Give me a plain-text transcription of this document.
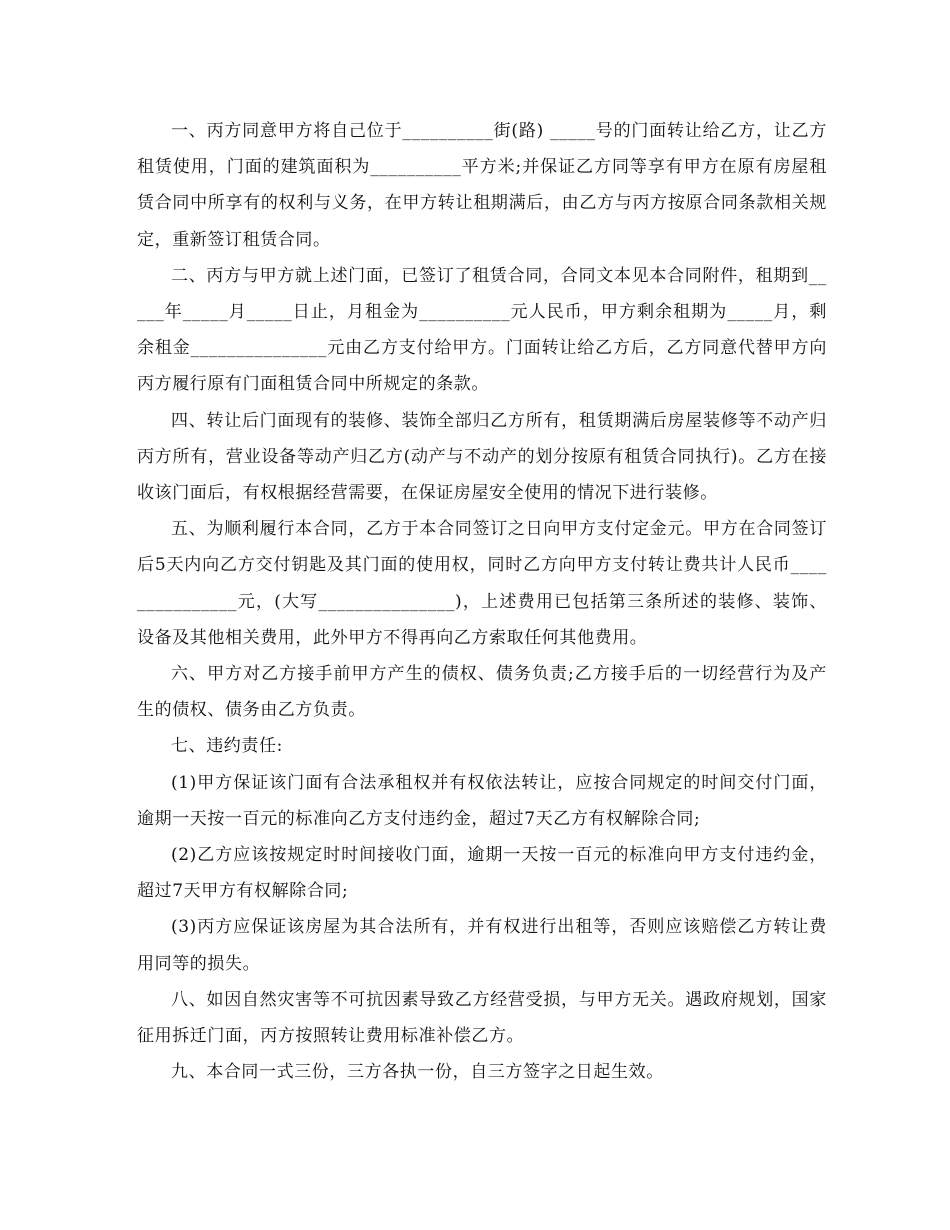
一、丙方同意甲方将自己位于__________街(路) _____号的门面转让给乙方，让乙方租赁使用，门面的建筑面积为__________平方米;并保证乙方同等享有甲方在原有房屋租赁合同中所享有的权利与义务，在甲方转让租期满后，由乙方与丙方按原合同条款相关规定，重新签订租赁合同。

二、丙方与甲方就上述门面，已签订了租赁合同，合同文本见本合同附件，租期到_____年_____月_____日止，月租金为__________元人民币，甲方剩余租期为_____月，剩余租金_______________元由乙方支付给甲方。门面转让给乙方后，乙方同意代替甲方向丙方履行原有门面租赁合同中所规定的条款。

四、转让后门面现有的装修、装饰全部归乙方所有，租赁期满后房屋装修等不动产归丙方所有，营业设备等动产归乙方(动产与不动产的划分按原有租赁合同执行)。乙方在接收该门面后，有权根据经营需要，在保证房屋安全使用的情况下进行装修。

五、为顺利履行本合同，乙方于本合同签订之日向甲方支付定金元。甲方在合同签订后5天内向乙方交付钥匙及其门面的使用权，同时乙方向甲方支付转让费共计人民币_______________元，(大写_______________)，上述费用已包括第三条所述的装修、装饰、设备及其他相关费用，此外甲方不得再向乙方索取任何其他费用。

六、甲方对乙方接手前甲方产生的债权、债务负责;乙方接手后的一切经营行为及产生的债权、债务由乙方负责。

七、违约责任:

(1)甲方保证该门面有合法承租权并有权依法转让，应按合同规定的时间交付门面，逾期一天按一百元的标准向乙方支付违约金，超过7天乙方有权解除合同;

(2)乙方应该按规定时时间接收门面，逾期一天按一百元的标准向甲方支付违约金，超过7天甲方有权解除合同;

(3)丙方应保证该房屋为其合法所有，并有权进行出租等，否则应该赔偿乙方转让费用同等的损失。

八、如因自然灾害等不可抗因素导致乙方经营受损，与甲方无关。遇政府规划，国家征用拆迁门面，丙方按照转让费用标准补偿乙方。

九、本合同一式三份，三方各执一份，自三方签字之日起生效。
